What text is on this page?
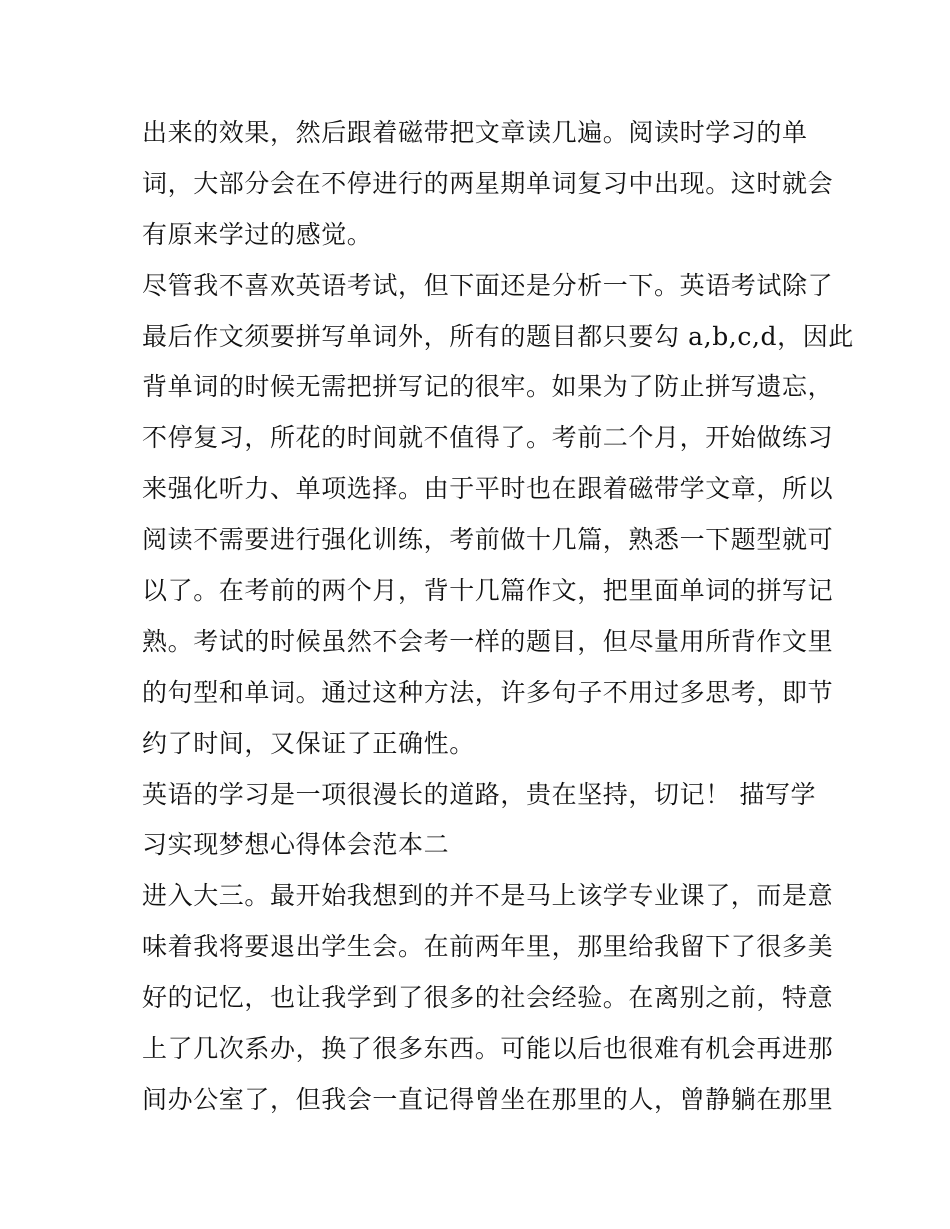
出来的效果，然后跟着磁带把文章读几遍。阅读时学习的单
词，大部分会在不停进行的两星期单词复习中出现。这时就会
有原来学过的感觉。
尽管我不喜欢英语考试，但下面还是分析一下。英语考试除了
最后作文须要拼写单词外，所有的题目都只要勾 a,b,c,d，因此
背单词的时候无需把拼写记的很牢。如果为了防止拼写遗忘，
不停复习，所花的时间就不值得了。考前二个月，开始做练习
来强化听力、单项选择。由于平时也在跟着磁带学文章，所以
阅读不需要进行强化训练，考前做十几篇，熟悉一下题型就可
以了。在考前的两个月，背十几篇作文，把里面单词的拼写记
熟。考试的时候虽然不会考一样的题目，但尽量用所背作文里
的句型和单词。通过这种方法，许多句子不用过多思考，即节
约了时间，又保证了正确性。
英语的学习是一项很漫长的道路，贵在坚持，切记！ 描写学
习实现梦想心得体会范本二
进入大三。最开始我想到的并不是马上该学专业课了，而是意
味着我将要退出学生会。在前两年里，那里给我留下了很多美
好的记忆，也让我学到了很多的社会经验。在离别之前，特意
上了几次系办，换了很多东西。可能以后也很难有机会再进那
间办公室了，但我会一直记得曾坐在那里的人，曾静躺在那里
